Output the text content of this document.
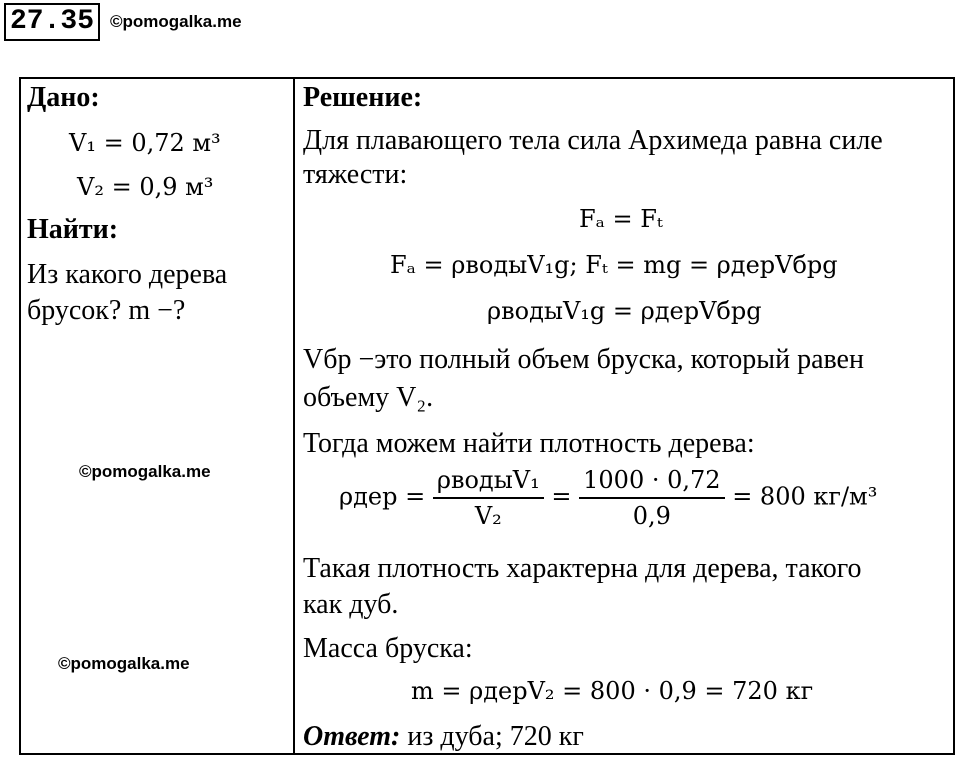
27.35 ©pomogalka.me
Дано:
V₁ = 0,72 м³
V₂ = 0,9 м³
Найти:
Из какого дерева
брусок? m −?
©pomogalka.me
©pomogalka.me
Решение:
Для плавающего тела сила Архимеда равна силе
тяжести:
Fₐ = Fₜ
Fₐ = ρводыV₁g; Fₜ = mg = ρдерVбрg
ρводыV₁g = ρдерVбрg
Vбр −это полный объем бруска, который равен
объему V₂.
Тогда можем найти плотность дерева:
$\rho дер = \frac{\text{ρводыV₁}}{\text{V₂}} = \frac{1000 \cdot 0,72}{0,9} = 800$ кг/м³
Такая плотность характерна для дерева, такого
как дуб.
Масса бруска:
m = ρдерV₂ = 800 · 0,9 = 720 кг
Ответ: из дуба; 720 кг
